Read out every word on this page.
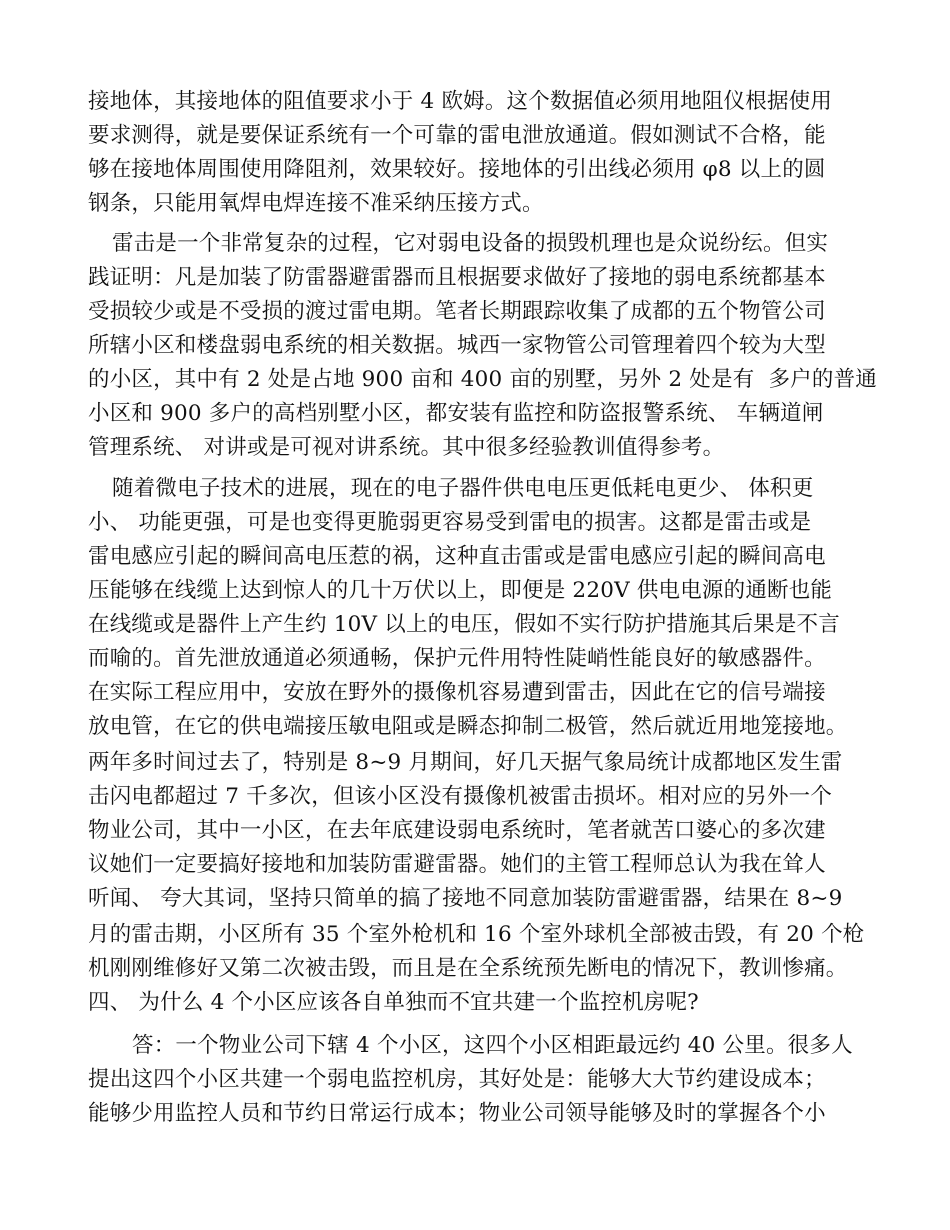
接地体，其接地体的阻值要求小于 4 欧姆。这个数据值必须用地阻仪根据使用
要求测得，就是要保证系统有一个可靠的雷电泄放通道。假如测试不合格，能
够在接地体周围使用降阻剂，效果较好。接地体的引出线必须用 φ8 以上的圆
钢条，只能用氧焊电焊连接不准采纳压接方式。
雷击是一个非常复杂的过程，它对弱电设备的损毁机理也是众说纷纭。但实
践证明：凡是加装了防雷器避雷器而且根据要求做好了接地的弱电系统都基本
受损较少或是不受损的渡过雷电期。笔者长期跟踪收集了成都的五个物管公司
所辖小区和楼盘弱电系统的相关数据。城西一家物管公司管理着四个较为大型
的小区，其中有 2 处是占地 900 亩和 400 亩的别墅，另外 2 处是有  多户的普通
小区和 900 多户的高档别墅小区，都安装有监控和防盗报警系统、 车辆道闸
管理系统、 对讲或是可视对讲系统。其中很多经验教训值得参考。
随着微电子技术的进展，现在的电子器件供电电压更低耗电更少、 体积更
小、 功能更强，可是也变得更脆弱更容易受到雷电的损害。这都是雷击或是
雷电感应引起的瞬间高电压惹的祸，这种直击雷或是雷电感应引起的瞬间高电
压能够在线缆上达到惊人的几十万伏以上，即便是 220V 供电电源的通断也能
在线缆或是器件上产生约 10V 以上的电压，假如不实行防护措施其后果是不言
而喻的。首先泄放通道必须通畅，保护元件用特性陡峭性能良好的敏感器件。
在实际工程应用中，安放在野外的摄像机容易遭到雷击，因此在它的信号端接
放电管，在它的供电端接压敏电阻或是瞬态抑制二极管，然后就近用地笼接地。
两年多时间过去了，特别是 8~9 月期间，好几天据气象局统计成都地区发生雷
击闪电都超过 7 千多次，但该小区没有摄像机被雷击损坏。相对应的另外一个
物业公司，其中一小区，在去年底建设弱电系统时，笔者就苦口婆心的多次建
议她们一定要搞好接地和加装防雷避雷器。她们的主管工程师总认为我在耸人
听闻、 夸大其词，坚持只简单的搞了接地不同意加装防雷避雷器，结果在 8~9
月的雷击期，小区所有 35 个室外枪机和 16 个室外球机全部被击毁，有 20 个枪
机刚刚维修好又第二次被击毁，而且是在全系统预先断电的情况下，教训惨痛。
四、 为什么 4 个小区应该各自单独而不宜共建一个监控机房呢?
答：一个物业公司下辖 4 个小区，这四个小区相距最远约 40 公里。很多人
提出这四个小区共建一个弱电监控机房，其好处是：能够大大节约建设成本；
能够少用监控人员和节约日常运行成本；物业公司领导能够及时的掌握各个小
